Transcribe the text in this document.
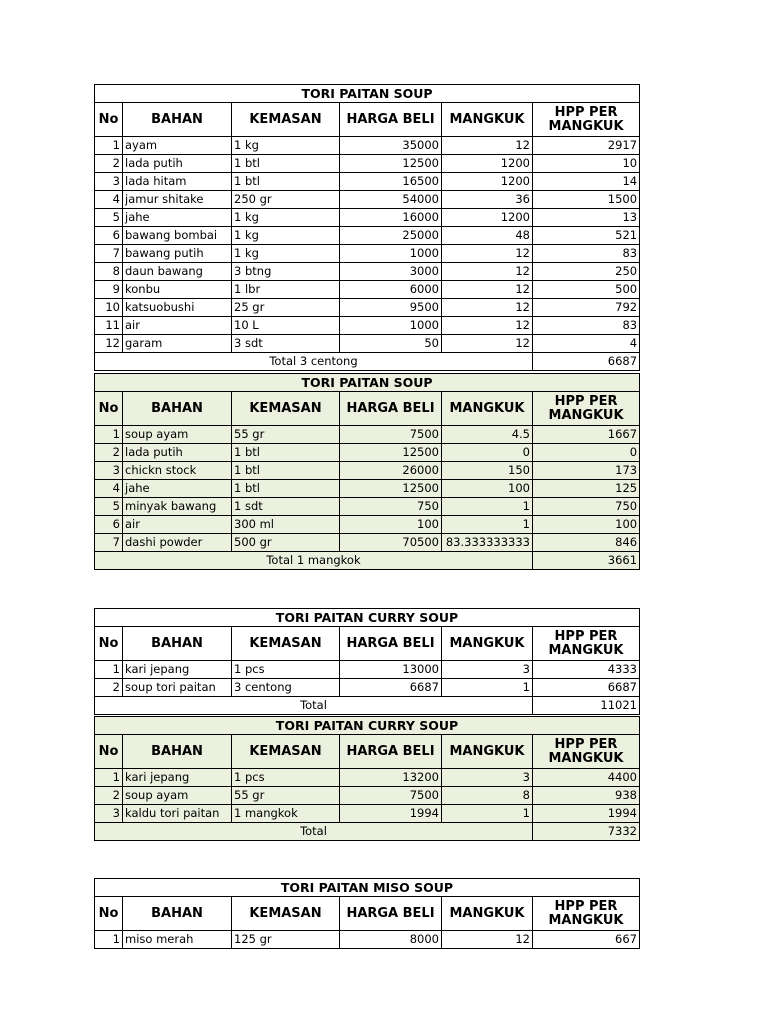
TORI PAITAN SOUP					
No	BAHAN	KEMASAN	HARGA BELI	MANGKUK	HPP PER MANGKUK
1	ayam	1 kg	35000	12	2917
2	lada putih	1 btl	12500	1200	10
3	lada hitam	1 btl	16500	1200	14
4	jamur shitake	250 gr	54000	36	1500
5	jahe	1 kg	16000	1200	13
6	bawang bombai	1 kg	25000	48	521
7	bawang putih	1 kg	1000	12	83
8	daun bawang	3 btng	3000	12	250
9	konbu	1 lbr	6000	12	500
10	katsuobushi	25 gr	9500	12	792
11	air	10 L	1000	12	83
12	garam	3 sdt	50	12	4
Total 3 centong					6687
TORI PAITAN SOUP					
No	BAHAN	KEMASAN	HARGA BELI	MANGKUK	HPP PER MANGKUK
1	soup ayam	55 gr	7500	4.5	1667
2	lada putih	1 btl	12500	0	0
3	chickn stock	1 btl	26000	150	173
4	jahe	1 btl	12500	100	125
5	minyak bawang	1 sdt	750	1	750
6	air	300 ml	100	1	100
7	dashi powder	500 gr	70500	83.333333333	846
Total 1 mangkok					3661
TORI PAITAN CURRY SOUP					
No	BAHAN	KEMASAN	HARGA BELI	MANGKUK	HPP PER MANGKUK
1	kari jepang	1 pcs	13000	3	4333
2	soup tori paitan	3 centong	6687	1	6687
Total					11021
TORI PAITAN CURRY SOUP					
No	BAHAN	KEMASAN	HARGA BELI	MANGKUK	HPP PER MANGKUK
1	kari jepang	1 pcs	13200	3	4400
2	soup ayam	55 gr	7500	8	938
3	kaldu tori paitan	1 mangkok	1994	1	1994
Total					7332
TORI PAITAN MISO SOUP					
No	BAHAN	KEMASAN	HARGA BELI	MANGKUK	HPP PER MANGKUK
1	miso merah	125 gr	8000	12	667
